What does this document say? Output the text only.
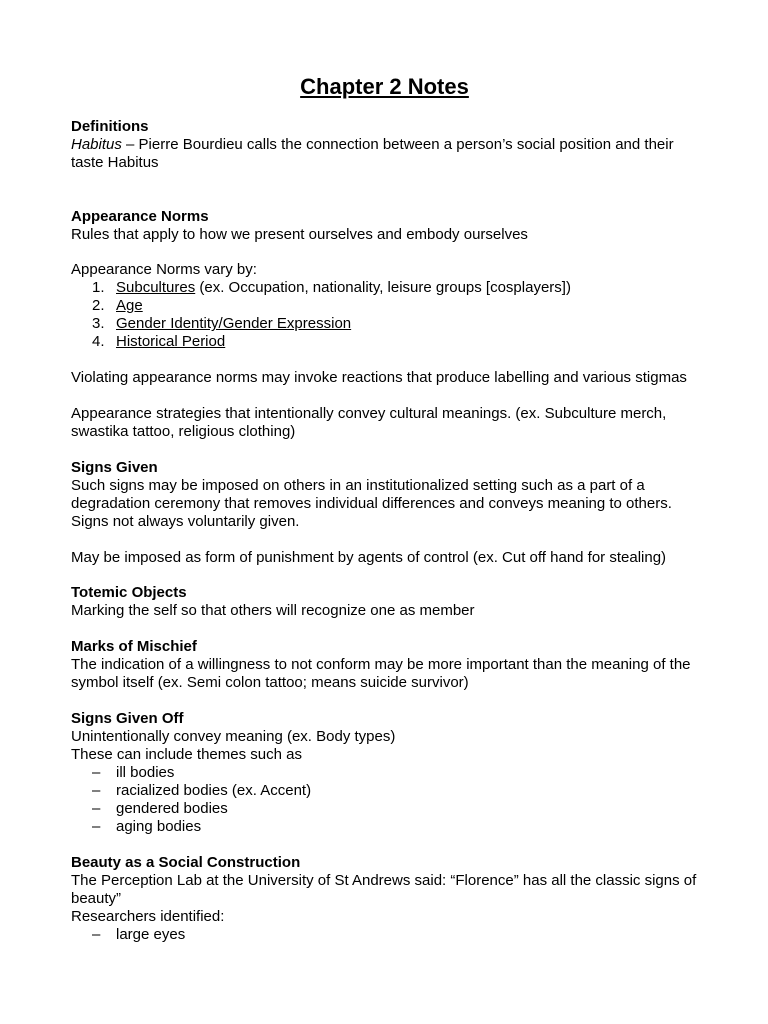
Chapter 2 Notes

Definitions

Habitus – Pierre Bourdieu calls the connection between a person’s social position and their taste Habitus

Appearance Norms

Rules that apply to how we present ourselves and embody ourselves

Appearance Norms vary by:

1. Subcultures (ex. Occupation, nationality, leisure groups [cosplayers])
2. Age
3. Gender Identity/Gender Expression
4. Historical Period

Violating appearance norms may invoke reactions that produce labelling and various stigmas

Appearance strategies that intentionally convey cultural meanings. (ex. Subculture merch, swastika tattoo, religious clothing)

Signs Given

Such signs may be imposed on others in an institutionalized setting such as a part of a degradation ceremony that removes individual differences and conveys meaning to others. Signs not always voluntarily given.

May be imposed as form of punishment by agents of control (ex. Cut off hand for stealing)

Totemic Objects

Marking the self so that others will recognize one as member

Marks of Mischief

The indication of a willingness to not conform may be more important than the meaning of the symbol itself (ex. Semi colon tattoo; means suicide survivor)

Signs Given Off

Unintentionally convey meaning (ex. Body types)

These can include themes such as

– ill bodies
– racialized bodies (ex. Accent)
– gendered bodies
– aging bodies

Beauty as a Social Construction

The Perception Lab at the University of St Andrews said: “Florence” has all the classic signs of beauty”

Researchers identified:

– large eyes
